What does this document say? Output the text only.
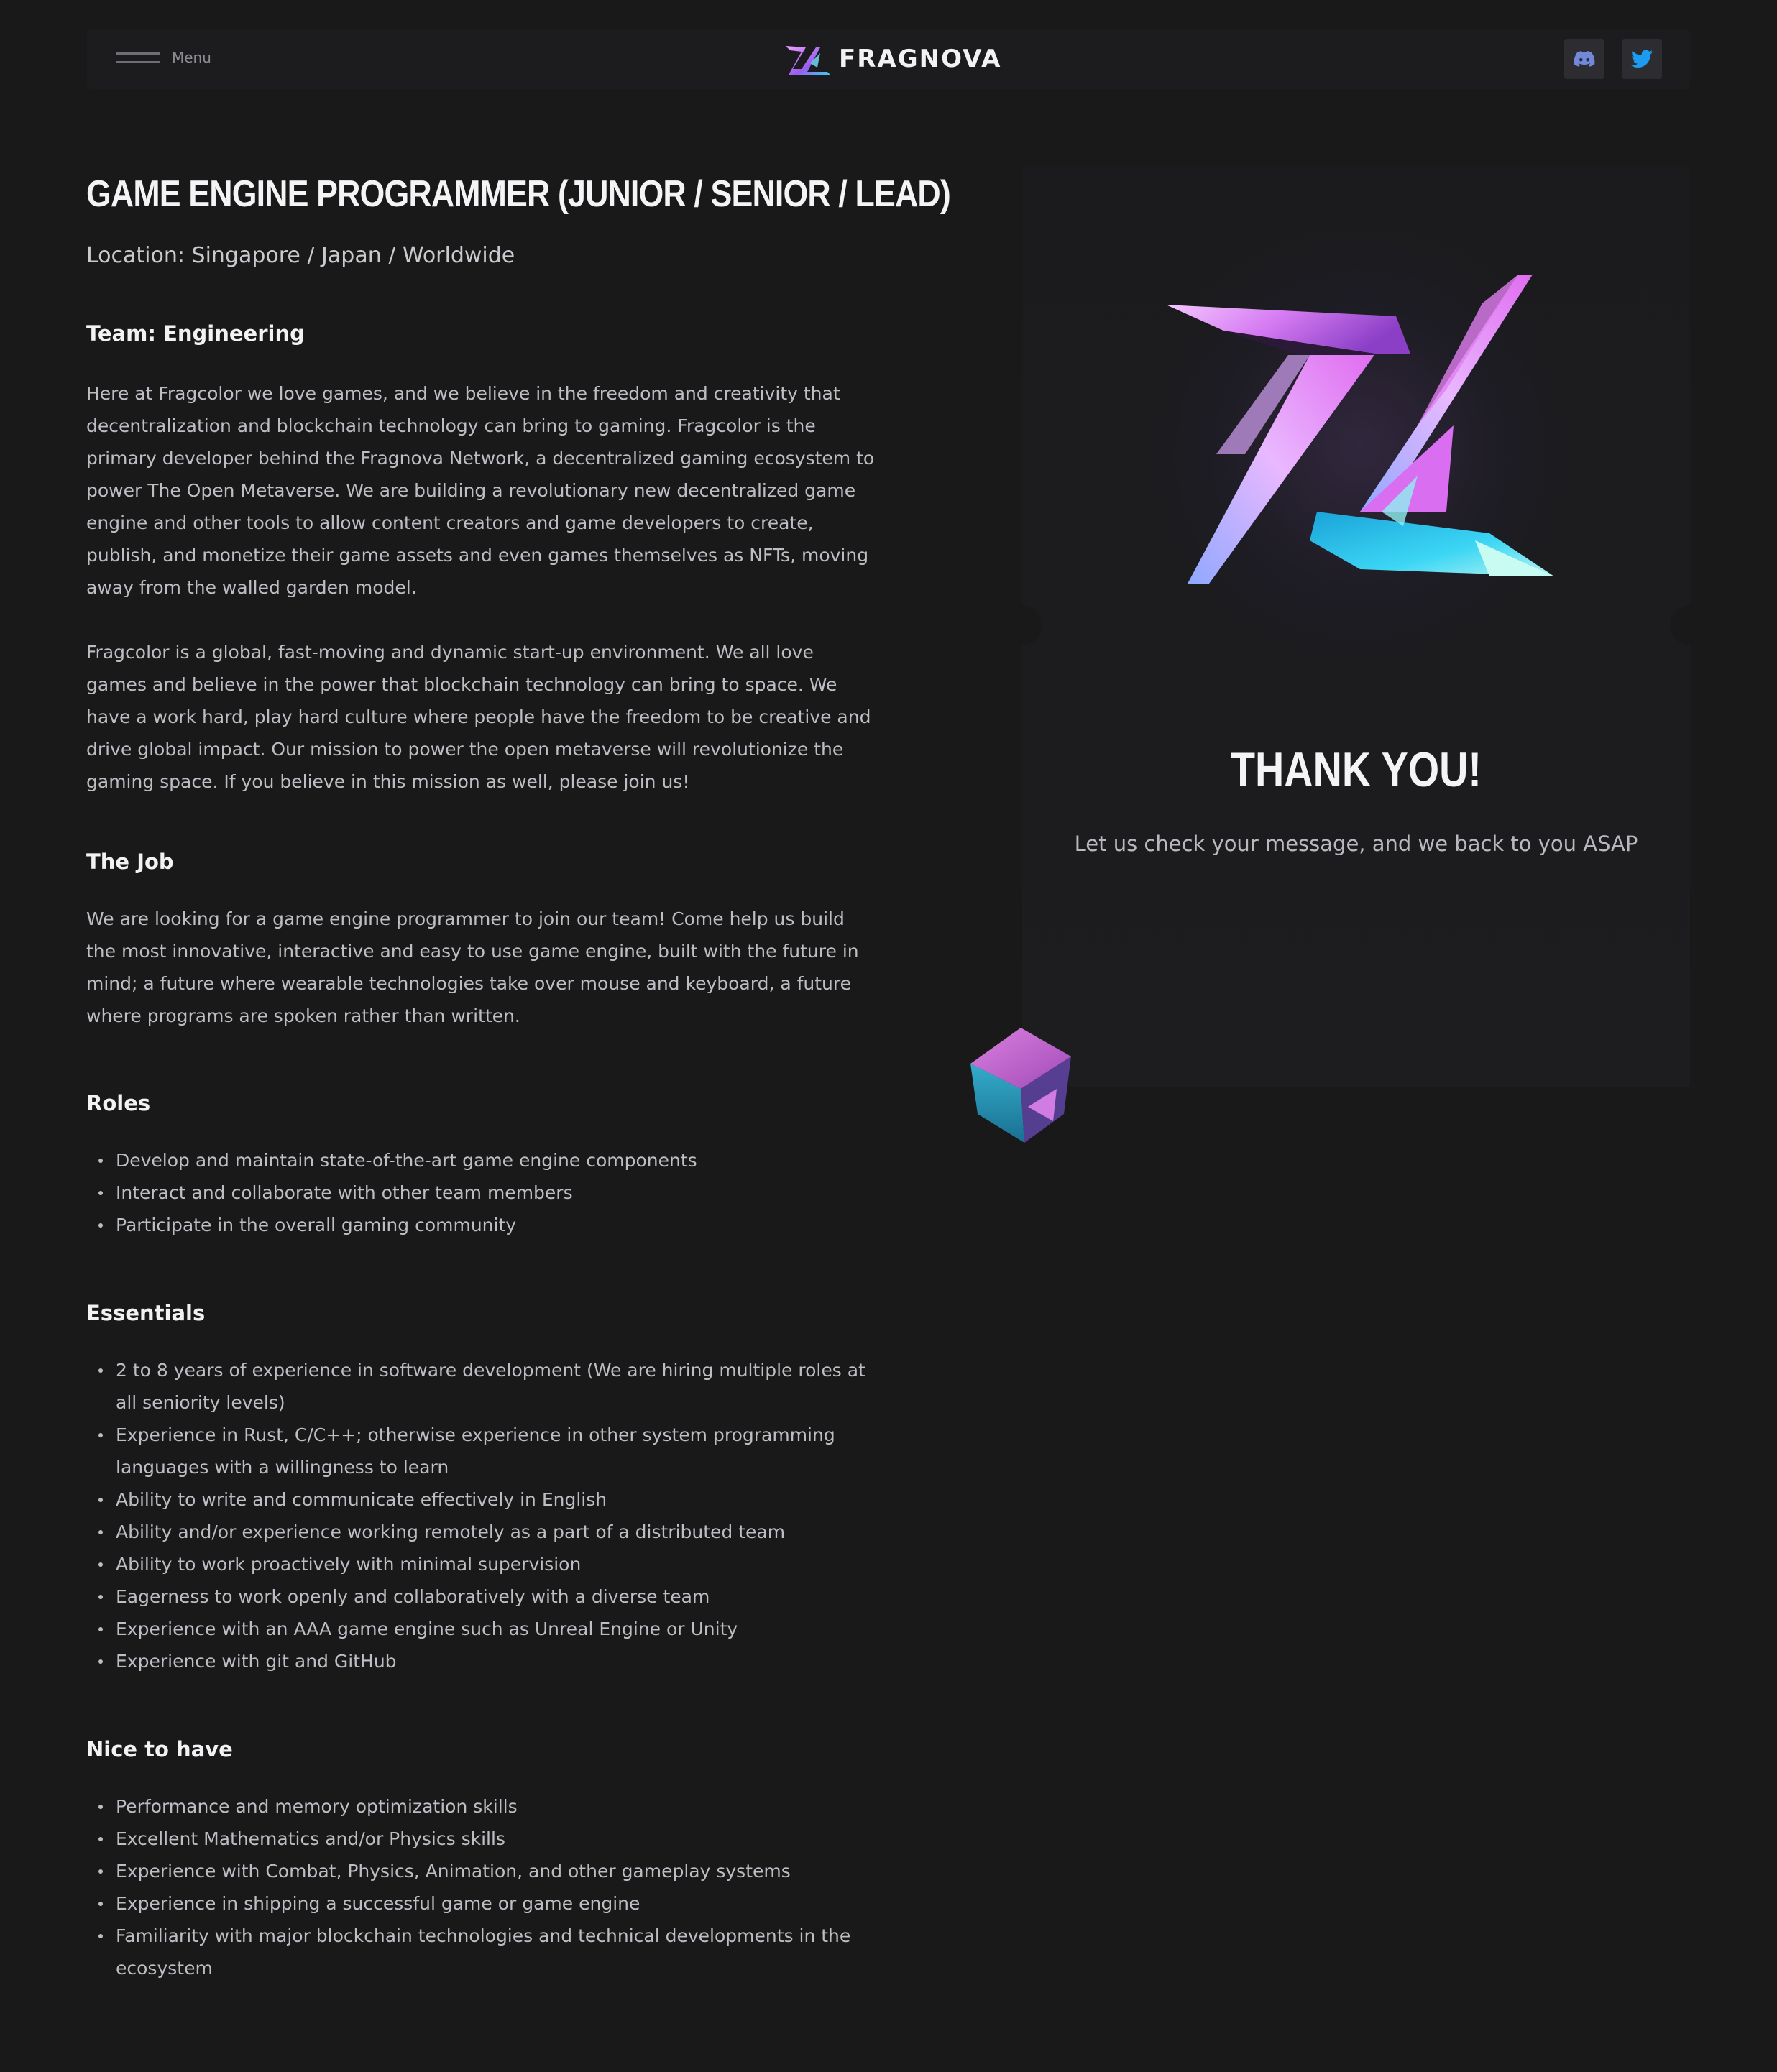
Menu	FRAGNOVA
GAME ENGINE PROGRAMMER (JUNIOR / SENIOR / LEAD)

Location: Singapore / Japan / Worldwide

Team: Engineering

Here at Fragcolor we love games, and we believe in the freedom and creativity that decentralization and blockchain technology can bring to gaming. Fragcolor is the primary developer behind the Fragnova Network, a decentralized gaming ecosystem to power The Open Metaverse. We are building a revolutionary new decentralized game engine and other tools to allow content creators and game developers to create, publish, and monetize their game assets and even games themselves as NFTs, moving away from the walled garden model.

Fragcolor is a global, fast-moving and dynamic start-up environment. We all love games and believe in the power that blockchain technology can bring to space. We have a work hard, play hard culture where people have the freedom to be creative and drive global impact. Our mission to power the open metaverse will revolutionize the gaming space. If you believe in this mission as well, please join us!

The Job

We are looking for a game engine programmer to join our team! Come help us build the most innovative, interactive and easy to use game engine, built with the future in mind; a future where wearable technologies take over mouse and keyboard, a future where programs are spoken rather than written.

Roles
Develop and maintain state-of-the-art game engine components
Interact and collaborate with other team members
Participate in the overall gaming community
Essentials
2 to 8 years of experience in software development (We are hiring multiple roles at all seniority levels)
Experience in Rust, C/C++; otherwise experience in other system programming languages with a willingness to learn
Ability to write and communicate effectively in English
Ability and/or experience working remotely as a part of a distributed team
Ability to work proactively with minimal supervision
Eagerness to work openly and collaboratively with a diverse team
Experience with an AAA game engine such as Unreal Engine or Unity
Experience with git and GitHub
Nice to have
Performance and memory optimization skills
Excellent Mathematics and/or Physics skills
Experience with Combat, Physics, Animation, and other gameplay systems
Experience in shipping a successful game or game engine
Familiarity with major blockchain technologies and technical developments in the ecosystem
THANK YOU!

Let us check your message, and we back to you ASAP
